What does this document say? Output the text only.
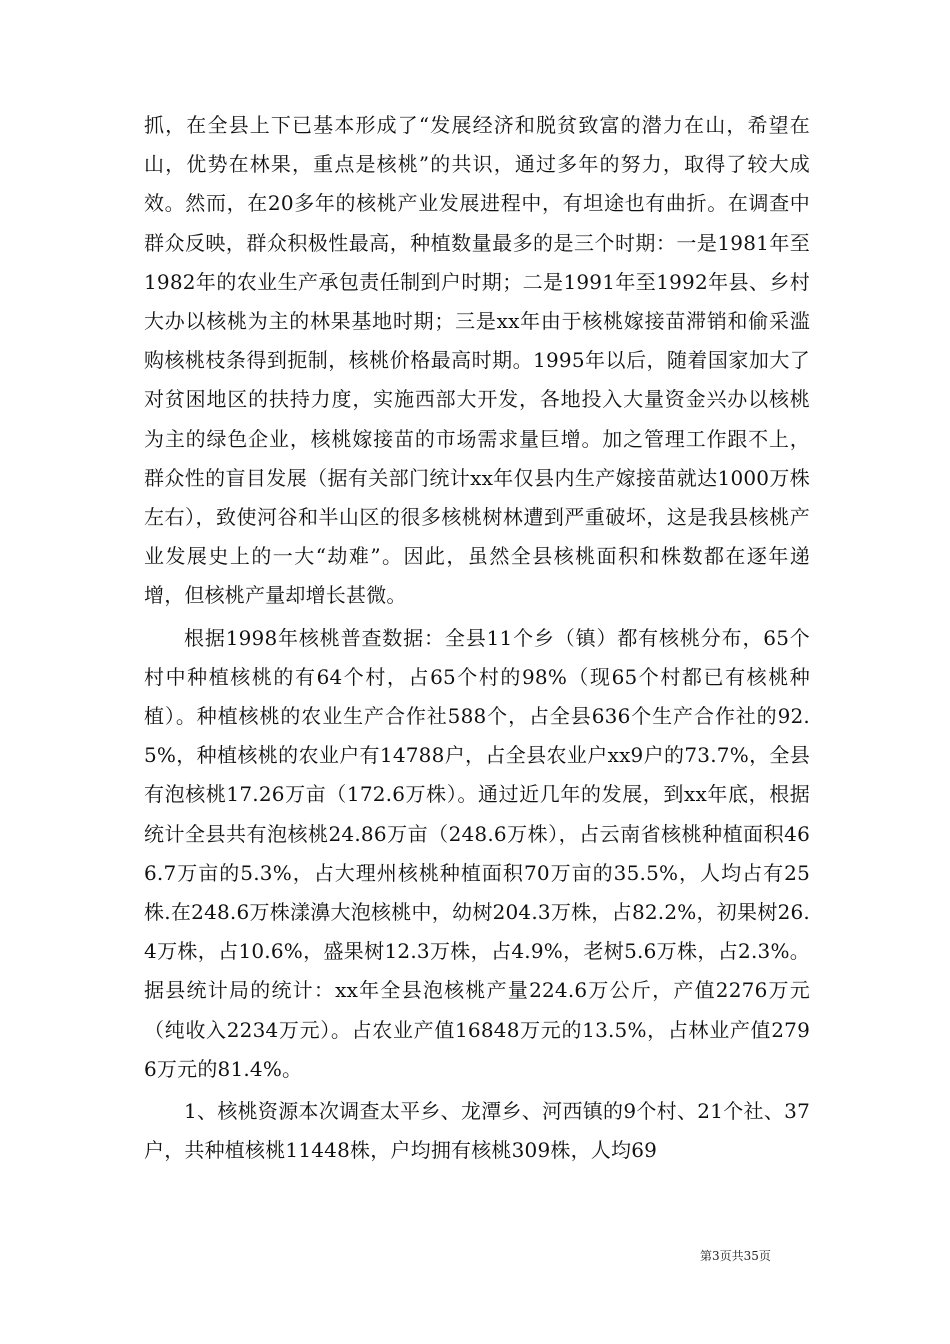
抓，在全县上下已基本形成了“发展经济和脱贫致富的潜力在山，希望在山，优势在林果，重点是核桃”的共识，通过多年的努力，取得了较大成效。然而，在20多年的核桃产业发展进程中，有坦途也有曲折。在调查中群众反映，群众积极性最高，种植数量最多的是三个时期：一是1981年至1982年的农业生产承包责任制到户时期；二是1991年至1992年县、乡村大办以核桃为主的林果基地时期；三是xx年由于核桃嫁接苗滞销和偷采滥购核桃枝条得到扼制，核桃价格最高时期。1995年以后，随着国家加大了对贫困地区的扶持力度，实施西部大开发，各地投入大量资金兴办以核桃为主的绿色企业，核桃嫁接苗的市场需求量巨增。加之管理工作跟不上，群众性的盲目发展（据有关部门统计xx年仅县内生产嫁接苗就达1000万株左右），致使河谷和半山区的很多核桃树林遭到严重破坏，这是我县核桃产业发展史上的一大“劫难”。因此，虽然全县核桃面积和株数都在逐年递增，但核桃产量却增长甚微。

根据1998年核桃普查数据：全县11个乡（镇）都有核桃分布，65个村中种植核桃的有64个村，占65个村的98%（现65个村都已有核桃种植）。种植核桃的农业生产合作社588个，占全县636个生产合作社的92.5%，种植核桃的农业户有14788户，占全县农业户xx9户的73.7%，全县有泡核桃17.26万亩（172.6万株）。通过近几年的发展，到xx年底，根据统计全县共有泡核桃24.86万亩（248.6万株），占云南省核桃种植面积466.7万亩的5.3%，占大理州核桃种植面积70万亩的35.5%，人均占有25株.在248.6万株漾濞大泡核桃中，幼树204.3万株，占82.2%，初果树26.4万株，占10.6%，盛果树12.3万株，占4.9%，老树5.6万株，占2.3%。据县统计局的统计：xx年全县泡核桃产量224.6万公斤，产值2276万元（纯收入2234万元）。占农业产值16848万元的13.5%，占林业产值2796万元的81.4%。

1、核桃资源本次调查太平乡、龙潭乡、河西镇的9个村、21个社、37户，共种植核桃11448株，户均拥有核桃309株，人均69

第3页共35页
